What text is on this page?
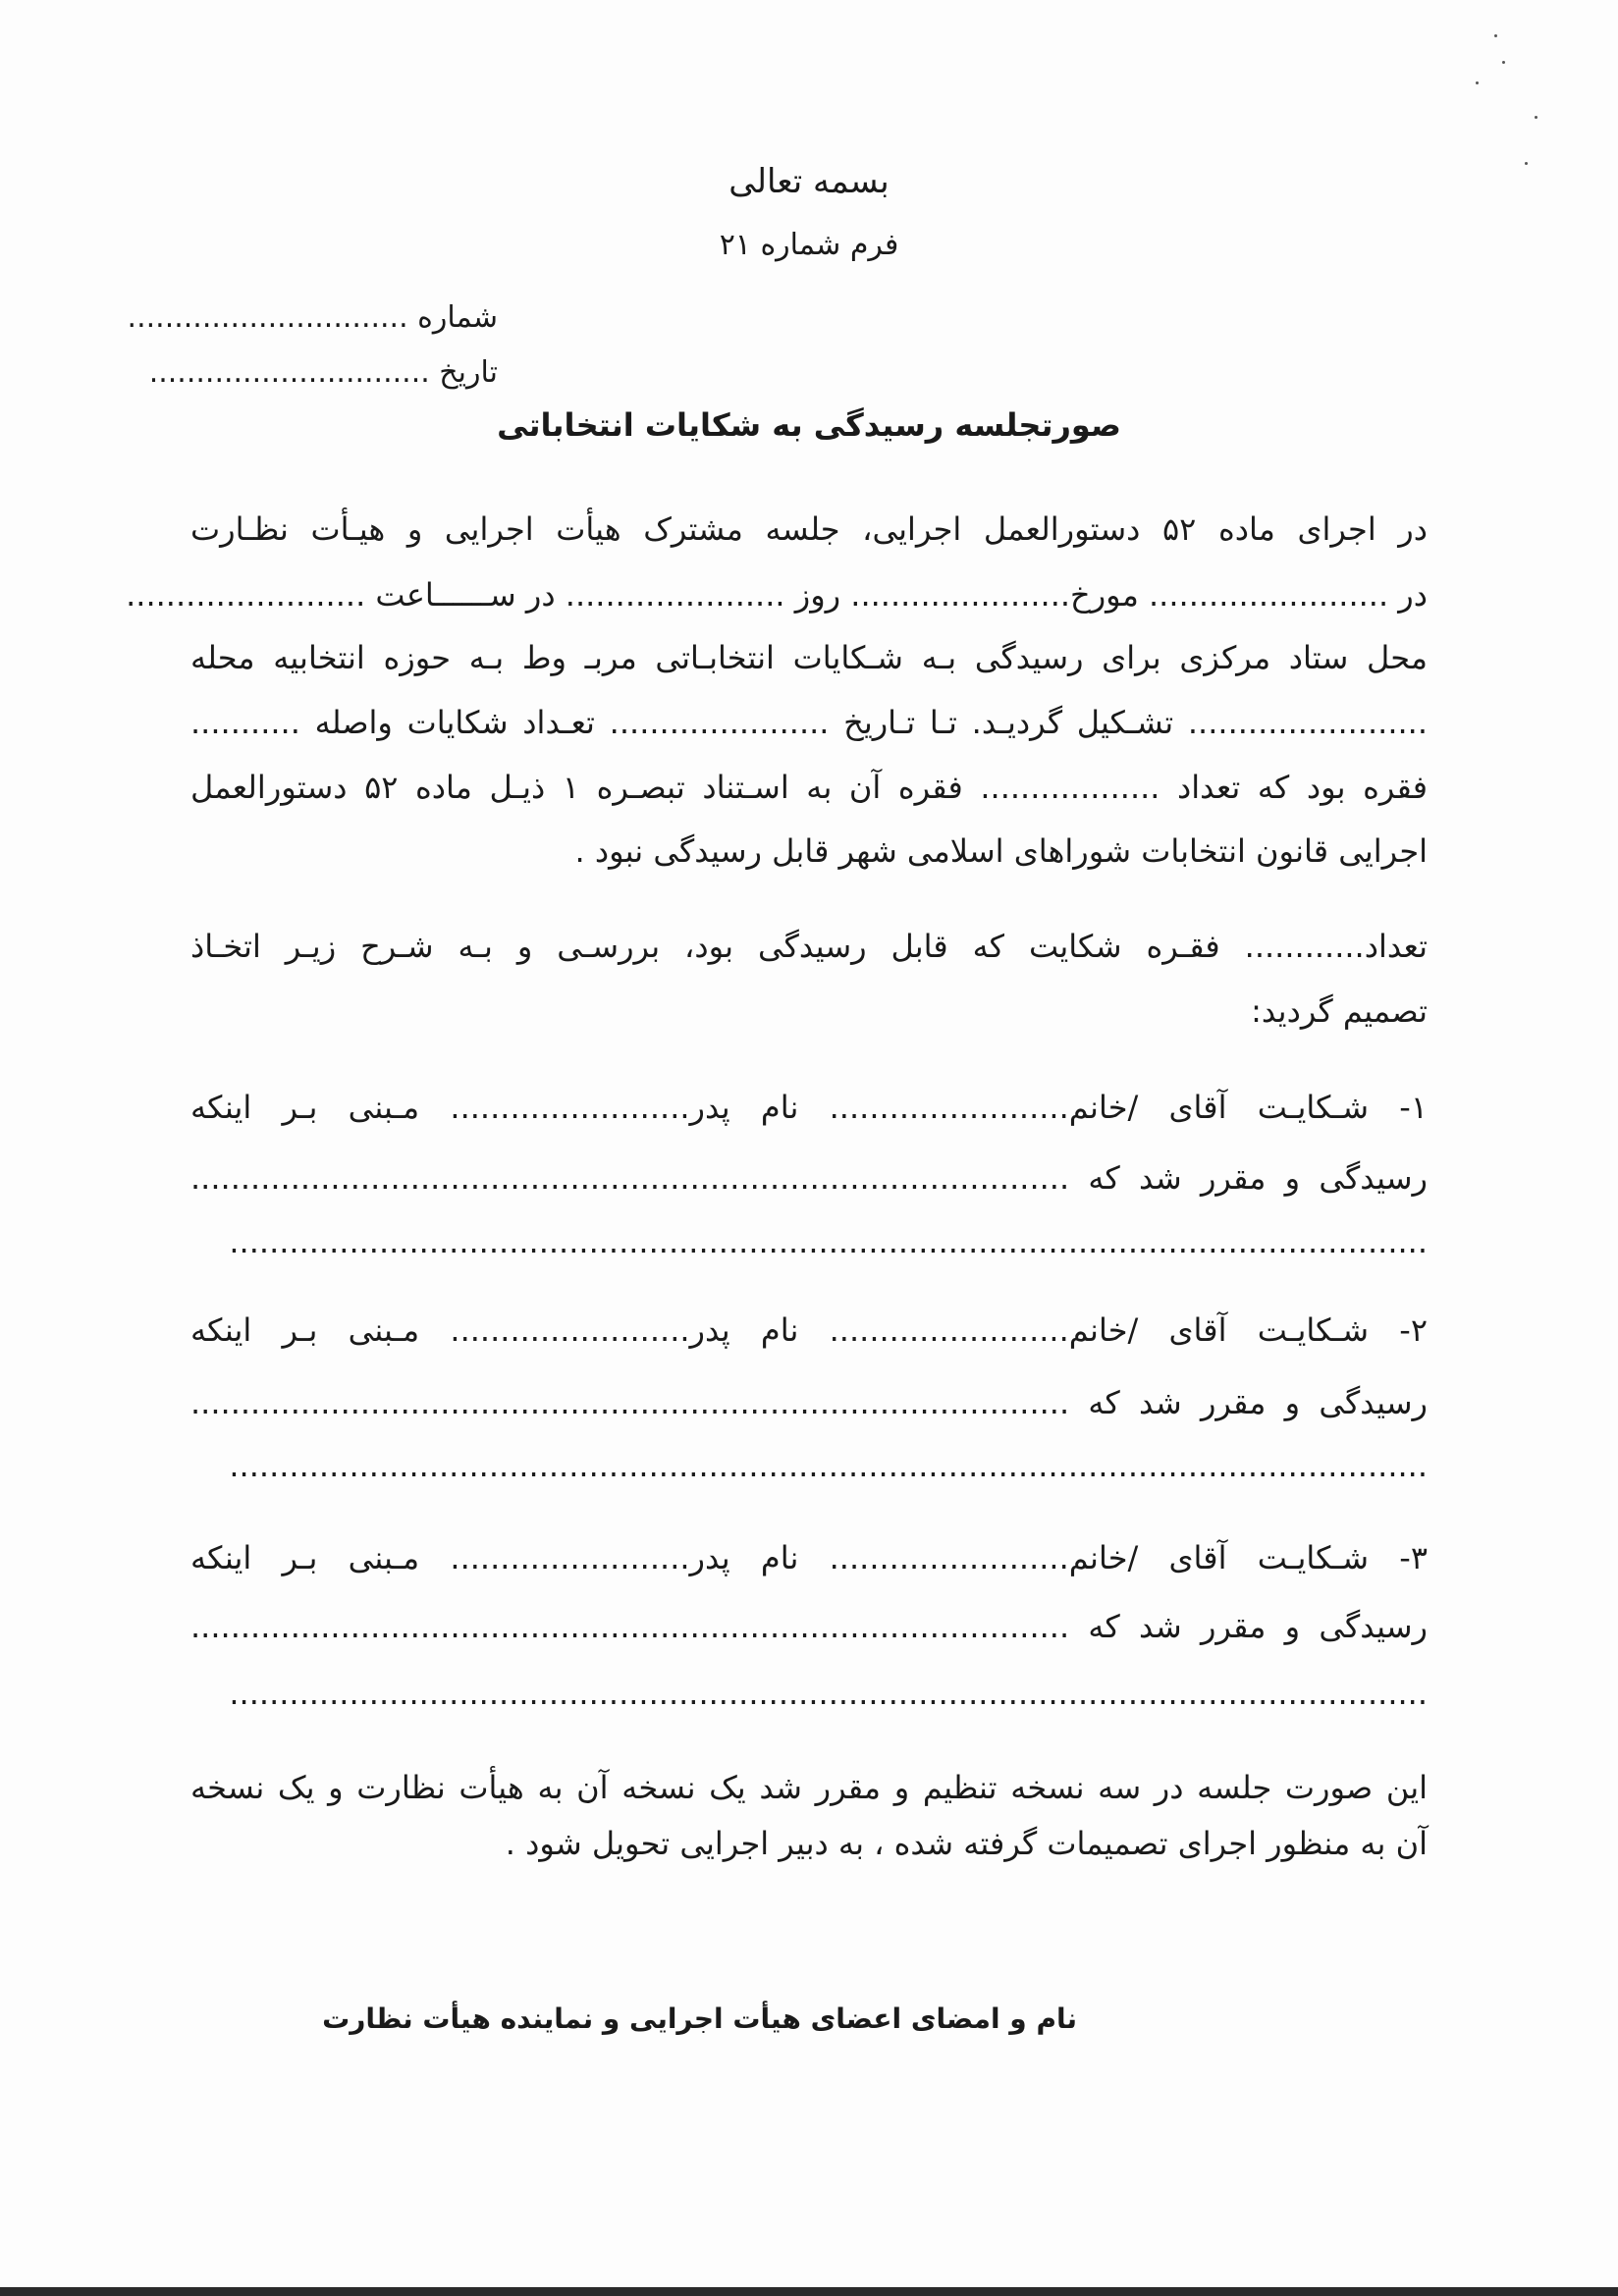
بسمه تعالی
فرم شماره ۲۱
شماره ..............................
تاریخ ..............................
صورتجلسه رسیدگی به شکایات انتخاباتی
در اجرای ماده ۵۲ دستورالعمل اجرایی، جلسه مشترک هیأت اجرایی و هیـأت نظـارت
در ........................ مورخ...................... روز ...................... در ســــــاعت ........................
محل ستاد مرکزی برای رسیدگی بـه شـکایات انتخابـاتی مربـ وط بـه حوزه انتخابیه محله
........................ تشـکیل گردیـد. تـا تـاریخ ...................... تعـداد شکایات واصله ...........
فقره بود که تعداد .................. فقره آن به اسـتناد تبصـره ۱ ذیـل ماده ۵۲ دستورالعمل
اجرایی قانون انتخابات شوراهای اسلامی شهر قابل رسیدگی نبود .
تعداد............ فقـره شکایت که قابل رسیدگی بود، بررسـی و بـه شـرح زیـر اتخـاذ
تصمیم گردید:
۱- شـکایـت آقای /خانم........................ نام پدر........................ مـبنی بـر اینکه
رسیدگی و مقرر شد که ........................................................................................
........................................................................................................................
۲- شـکایـت آقای /خانم........................ نام پدر........................ مـبنی بـر اینکه
رسیدگی و مقرر شد که ........................................................................................
........................................................................................................................
۳- شـکایـت آقای /خانم........................ نام پدر........................ مـبنی بـر اینکه
رسیدگی و مقرر شد که ........................................................................................
........................................................................................................................
این صورت جلسه در سه نسخه تنظیم و مقرر شد یک نسخه آن به هیأت نظارت و یک نسخه
آن به منظور اجرای تصمیمات گرفته شده ، به دبیر اجرایی تحویل شود .
نام و امضای اعضای هیأت اجرایی و نماینده هیأت نظارت
